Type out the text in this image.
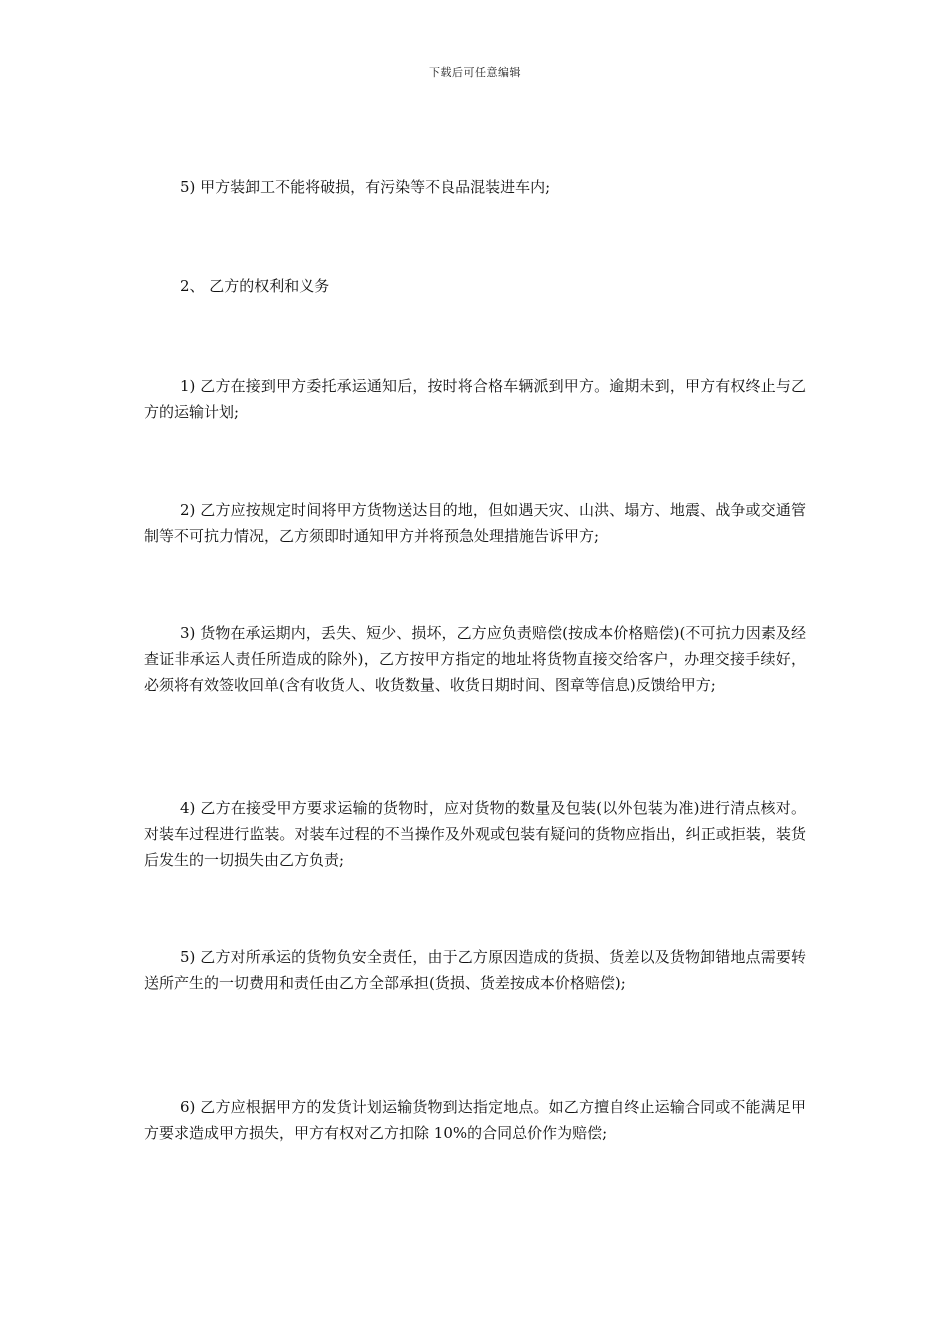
下载后可任意编辑

5) 甲方装卸工不能将破损，有污染等不良品混装进车内;

2、 乙方的权利和义务

1) 乙方在接到甲方委托承运通知后，按时将合格车辆派到甲方。逾期未到，甲方有权终止与乙方的运输计划;

2) 乙方应按规定时间将甲方货物送达目的地，但如遇天灾、山洪、塌方、地震、战争或交通管制等不可抗力情况，乙方须即时通知甲方并将预急处理措施告诉甲方;

3) 货物在承运期内，丢失、短少、损坏，乙方应负责赔偿(按成本价格赔偿)(不可抗力因素及经查证非承运人责任所造成的除外)，乙方按甲方指定的地址将货物直接交给客户，办理交接手续好，必须将有效签收回单(含有收货人、收货数量、收货日期时间、图章等信息)反馈给甲方;

4) 乙方在接受甲方要求运输的货物时，应对货物的数量及包装(以外包装为准)进行清点核对。对装车过程进行监装。对装车过程的不当操作及外观或包装有疑问的货物应指出，纠正或拒装，装货后发生的一切损失由乙方负责;

5) 乙方对所承运的货物负安全责任，由于乙方原因造成的货损、货差以及货物卸错地点需要转送所产生的一切费用和责任由乙方全部承担(货损、货差按成本价格赔偿);

6) 乙方应根据甲方的发货计划运输货物到达指定地点。如乙方擅自终止运输合同或不能满足甲方要求造成甲方损失，甲方有权对乙方扣除 10%的合同总价作为赔偿;
